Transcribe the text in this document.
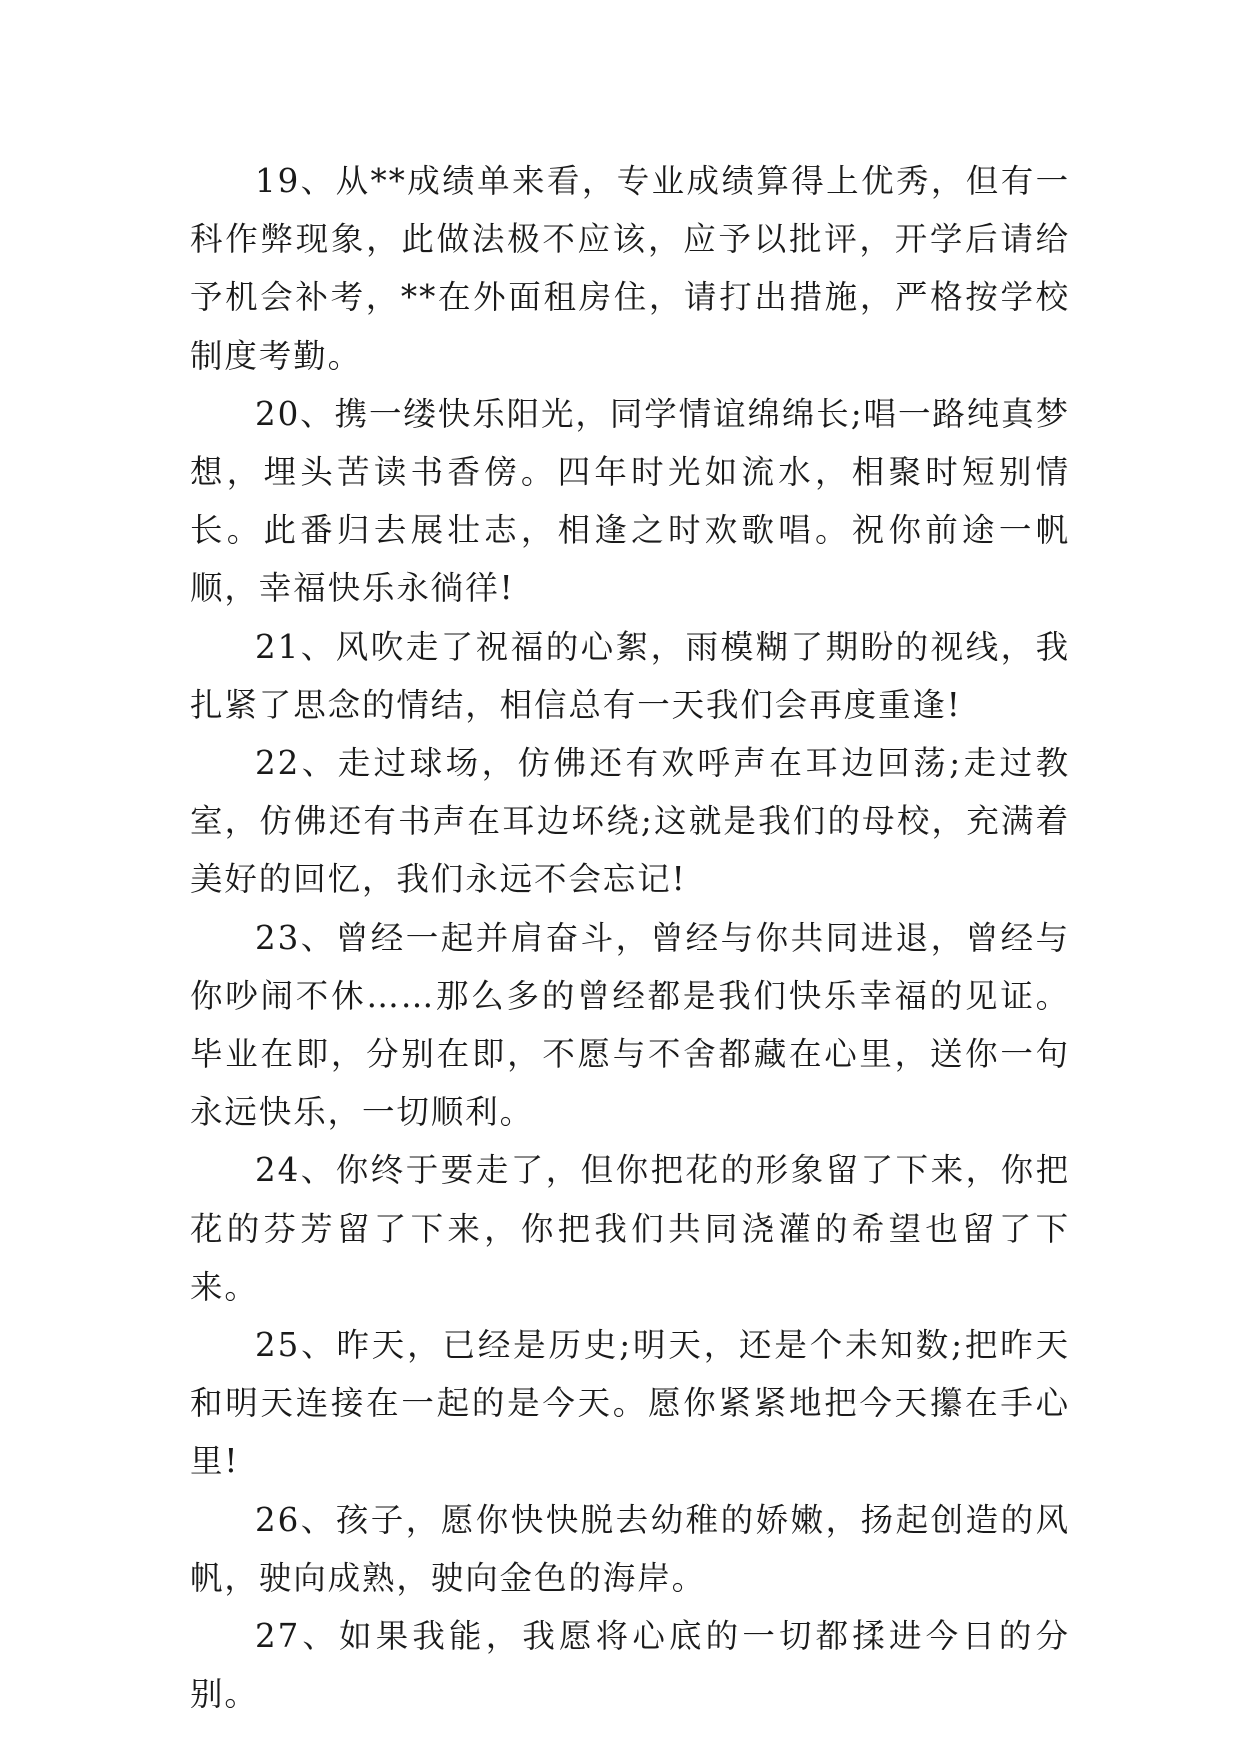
19、从**成绩单来看，专业成绩算得上优秀，但有一科作弊现象，此做法极不应该，应予以批评，开学后请给予机会补考，**在外面租房住，请打出措施，严格按学校制度考勤。

20、携一缕快乐阳光，同学情谊绵绵长;唱一路纯真梦想，埋头苦读书香傍。四年时光如流水，相聚时短别情长。此番归去展壮志，相逢之时欢歌唱。祝你前途一帆顺，幸福快乐永徜徉!

21、风吹走了祝福的心絮，雨模糊了期盼的视线，我扎紧了思念的情结，相信总有一天我们会再度重逢!

22、走过球场，仿佛还有欢呼声在耳边回荡;走过教室，仿佛还有书声在耳边坏绕;这就是我们的母校，充满着美好的回忆，我们永远不会忘记!

23、曾经一起并肩奋斗，曾经与你共同进退，曾经与你吵闹不休……那么多的曾经都是我们快乐幸福的见证。毕业在即，分别在即，不愿与不舍都藏在心里，送你一句永远快乐，一切顺利。

24、你终于要走了，但你把花的形象留了下来，你把花的芬芳留了下来，你把我们共同浇灌的希望也留了下来。

25、昨天，已经是历史;明天，还是个未知数;把昨天和明天连接在一起的是今天。愿你紧紧地把今天攥在手心里!

26、孩子，愿你快快脱去幼稚的娇嫩，扬起创造的风帆，驶向成熟，驶向金色的海岸。

27、如果我能，我愿将心底的一切都揉进今日的分别。
